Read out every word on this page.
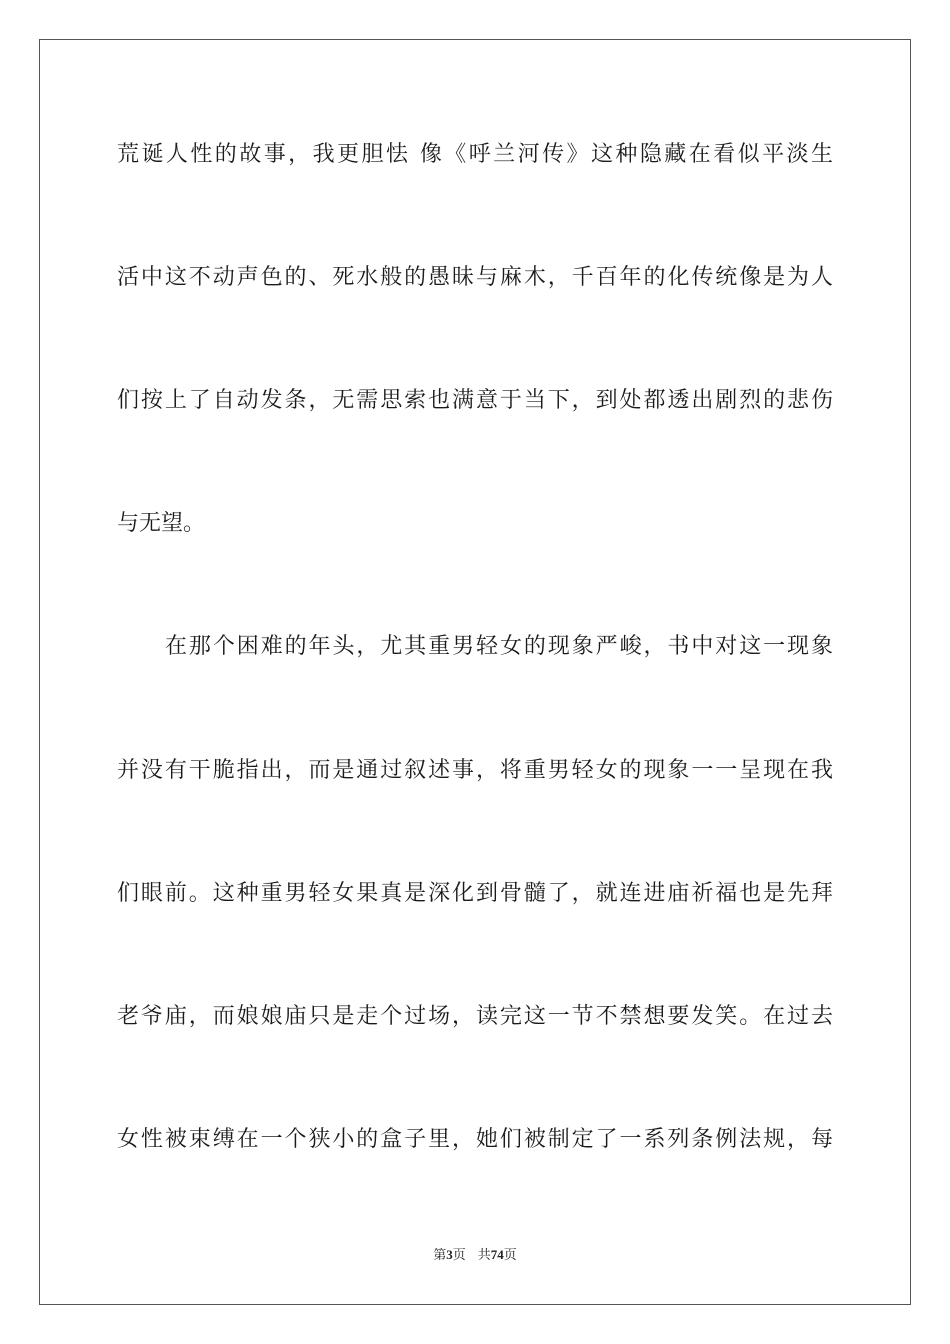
荒诞人性的故事，我更胆怯 像《呼兰河传》这种隐藏在看似平淡生
活中这不动声色的、死水般的愚昧与麻木，千百年的化传统像是为人
们按上了自动发条，无需思索也满意于当下，到处都透出剧烈的悲伤
与无望。
在那个困难的年头，尤其重男轻女的现象严峻，书中对这一现象
并没有干脆指出，而是通过叙述事，将重男轻女的现象一一呈现在我
们眼前。这种重男轻女果真是深化到骨髓了，就连进庙祈福也是先拜
老爷庙，而娘娘庙只是走个过场，读完这一节不禁想要发笑。在过去
女性被束缚在一个狭小的盒子里，她们被制定了一系列条例法规，每
第3页 共74页
